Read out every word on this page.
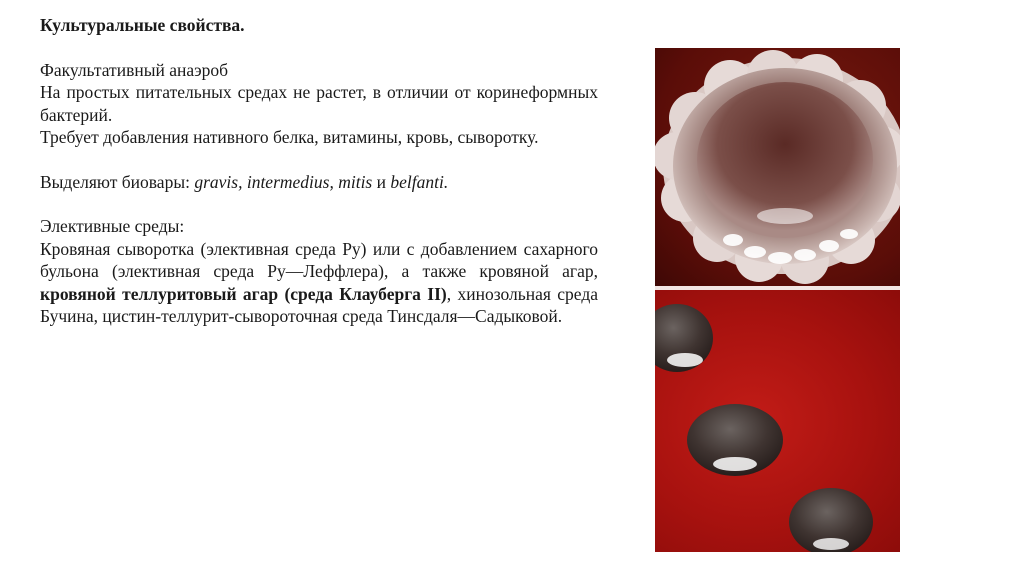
Культуральные свойства.

Факультативный анаэроб

На простых питательных средах не растет, в отличии от коринеформных бактерий.

Требует добавления нативного белка, витамины, кровь, сыворотку.

Выделяют биовары: gravis, intermedius, mitis и belfanti.

Элективные среды:

Кровяная сыворотка (элективная среда Ру) или с добавлением сахарного бульона (элективная среда Ру—Леффлера), а также кровяной агар, кровяной теллуритовый агар (среда Клауберга II), хинозольная среда Бучина, цистин-теллурит-сывороточная среда Тинсдаля—Садыковой.
